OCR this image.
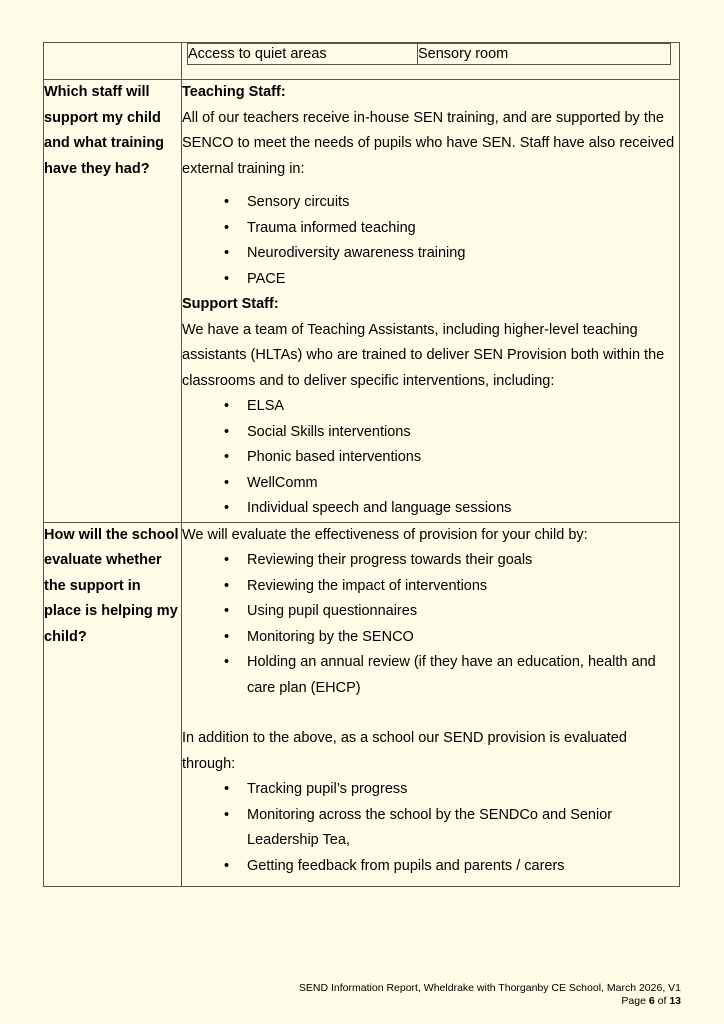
Access to quiet areas	Sensory room

Which staff will support my child and what training have they had?	
Teaching Staff:
All of our teachers receive in-house SEN training, and are supported by the SENCO to meet the needs of pupils who have SEN. Staff have also received external training in:
• Sensory circuits
• Trauma informed teaching
• Neurodiversity awareness training
• PACE
Support Staff:
We have a team of Teaching Assistants, including higher-level teaching assistants (HLTAs) who are trained to deliver SEN Provision both within the classrooms and to deliver specific interventions, including:
• ELSA
• Social Skills interventions
• Phonic based interventions
• WellComm
• Individual speech and language sessions

How will the school evaluate whether the support in place is helping my child?	
We will evaluate the effectiveness of provision for your child by:
• Reviewing their progress towards their goals
• Reviewing the impact of interventions
• Using pupil questionnaires
• Monitoring by the SENCO
• Holding an annual review (if they have an education, health and care plan (EHCP)
In addition to the above, as a school our SEND provision is evaluated through:
• Tracking pupil’s progress
• Monitoring across the school by the SENDCo and Senior Leadership Tea,
• Getting feedback from pupils and parents / carers
SEND Information Report, Wheldrake with Thorganby CE School, March 2026, V1
Page 6 of 13
